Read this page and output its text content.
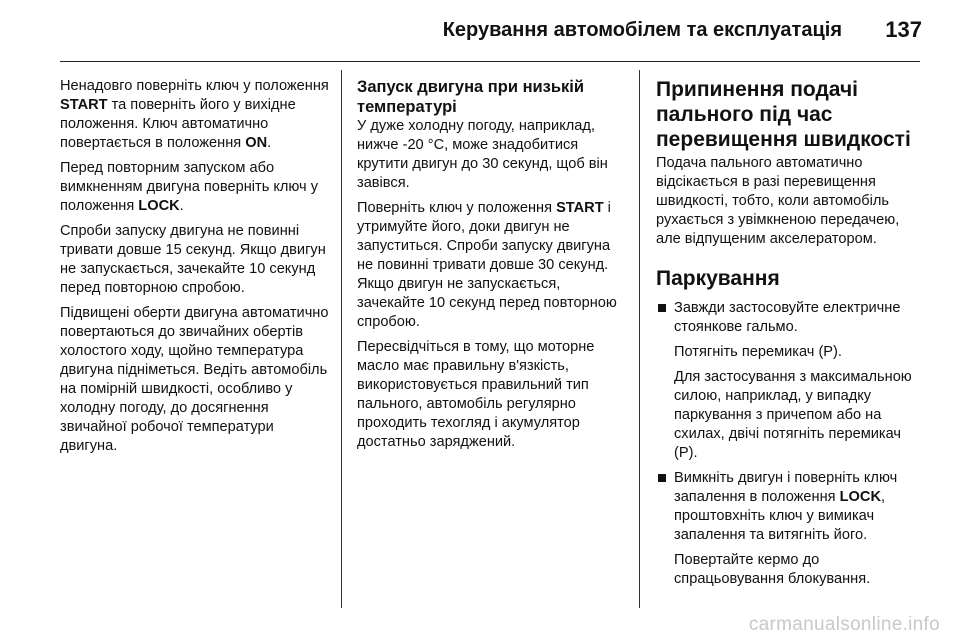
Керування автомобілем та експлуатація 137

Ненадовго поверніть ключ у положення START та поверніть його у вихідне положення. Ключ автоматично повертається в положення ON.

Перед повторним запуском або вимкненням двигуна поверніть ключ у положення LOCK.

Спроби запуску двигуна не повинні тривати довше 15 секунд. Якщо двигун не запускається, зачекайте 10 секунд перед повторною спробою.

Підвищені оберти двигуна автоматично повертаються до звичайних обертів холостого ходу, щойно температура двигуна підніметься. Ведіть автомобіль на помірній швидкості, особливо у холодну погоду, до досягнення звичайної робочої температури двигуна.

Запуск двигуна при низькій температурі

У дуже холодну погоду, наприклад, нижче -20 °C, може знадобитися крутити двигун до 30 секунд, щоб він завівся.

Поверніть ключ у положення START і утримуйте його, доки двигун не запуститься. Спроби запуску двигуна не повинні тривати довше 30 секунд. Якщо двигун не запускається, зачекайте 10 секунд перед повторною спробою.

Пересвідчіться в тому, що моторне масло має правильну в'язкість, використовується правильний тип пального, автомобіль регулярно проходить техогляд і акумулятор достатньо заряджений.

Припинення подачі пального під час перевищення швидкості

Подача пального автоматично відсікається в разі перевищення швидкості, тобто, коли автомобіль рухається з увімкненою передачею, але відпущеним акселератором.

Паркування
Завжди застосовуйте електричне стоянкове гальмо.

Потягніть перемикач (P).

Для застосування з максимальною силою, наприклад, у випадку паркування з причепом або на схилах, двічі потягніть перемикач (P).

Вимкніть двигун і поверніть ключ запалення в положення LOCK, проштовхніть ключ у вимикач запалення та витягніть його.

Повертайте кермо до спрацьовування блокування.

carmanualsonline.info
